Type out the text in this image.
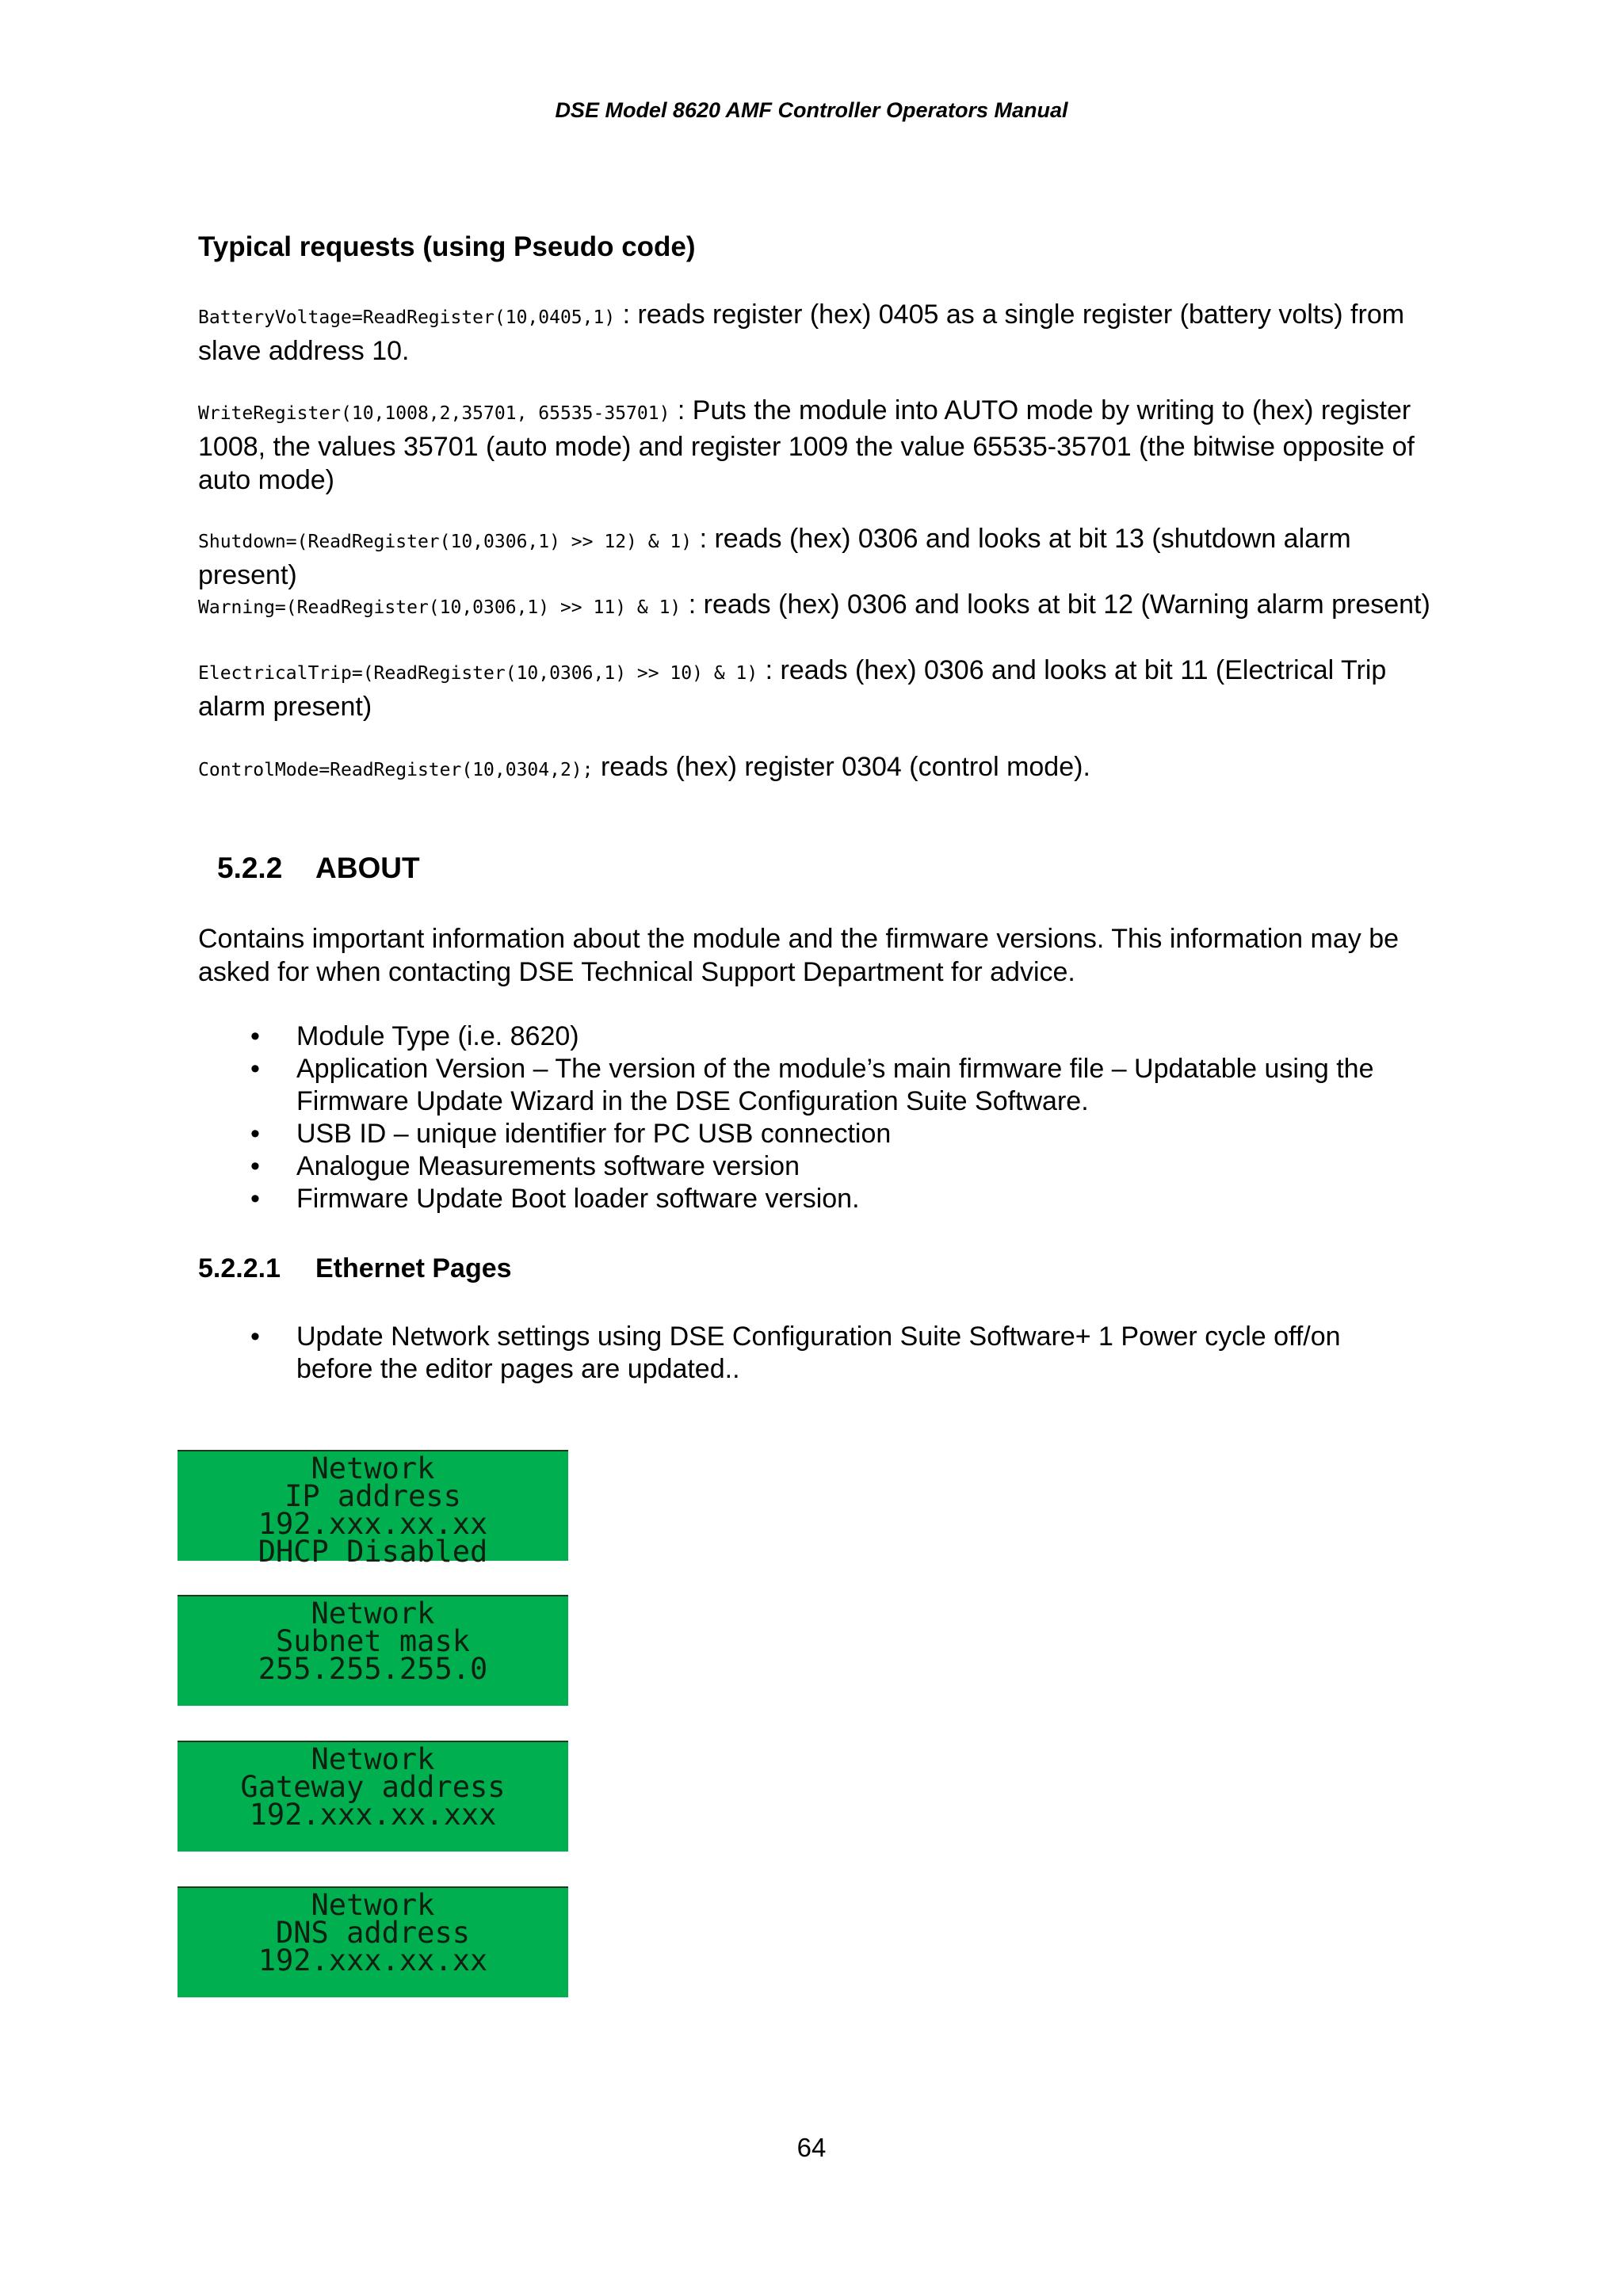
DSE Model 8620 AMF Controller Operators Manual
Typical requests (using Pseudo code)
BatteryVoltage=ReadRegister(10,0405,1) : reads register (hex) 0405 as a single register (battery volts) from slave address 10.
WriteRegister(10,1008,2,35701, 65535-35701) : Puts the module into AUTO mode by writing to (hex) register 1008, the values 35701 (auto mode) and register 1009 the value 65535-35701 (the bitwise opposite of auto mode)
Shutdown=(ReadRegister(10,0306,1) >> 12) & 1) : reads (hex) 0306 and looks at bit 13 (shutdown alarm present)
Warning=(ReadRegister(10,0306,1) >> 11) & 1) : reads (hex) 0306 and looks at bit 12 (Warning alarm present)
ElectricalTrip=(ReadRegister(10,0306,1) >> 10) & 1) : reads (hex) 0306 and looks at bit 11 (Electrical Trip alarm present)
ControlMode=ReadRegister(10,0304,2); reads (hex) register 0304 (control mode).
5.2.2 ABOUT
Contains important information about the module and the firmware versions. This information may be asked for when contacting DSE Technical Support Department for advice.
• Module Type (i.e. 8620)
• Application Version – The version of the module’s main firmware file – Updatable using the Firmware Update Wizard in the DSE Configuration Suite Software.
• USB ID – unique identifier for PC USB connection
• Analogue Measurements software version
• Firmware Update Boot loader software version.
5.2.2.1 Ethernet Pages
• Update Network settings using DSE Configuration Suite Software+ 1 Power cycle off/on before the editor pages are updated..
Network
IP address
192.xxx.xx.xx
DHCP Disabled
Network
Subnet mask
255.255.255.0
Network
Gateway address
192.xxx.xx.xxx
Network
DNS address
192.xxx.xx.xx
64
